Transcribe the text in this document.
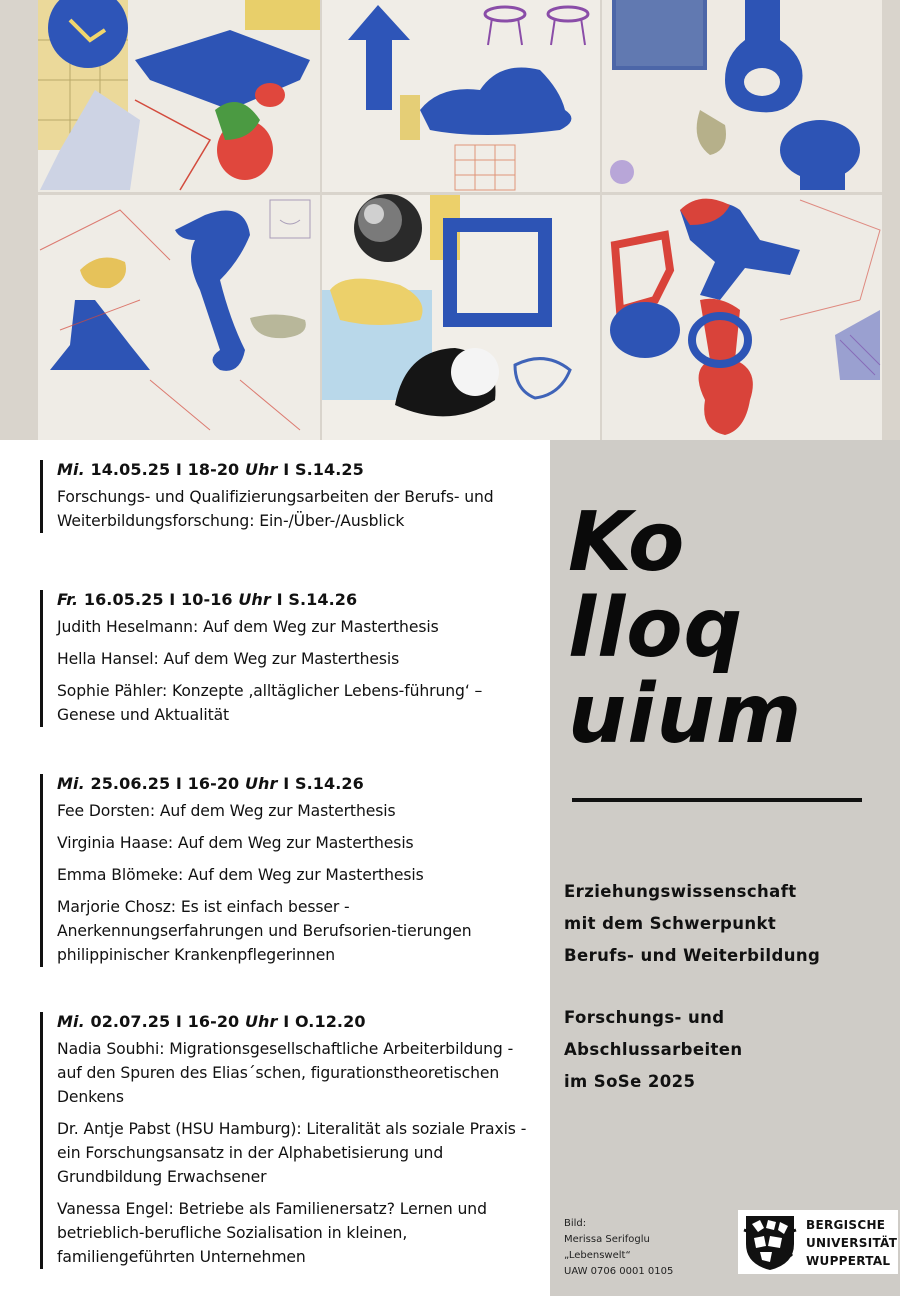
Mi. 14.05.25 I 18-20 Uhr I S.14.25

Forschungs- und Qualifizierungsarbeiten der Berufs- und Weiterbildungsforschung: Ein-/Über-/Ausblick

Fr. 16.05.25 I 10-16 Uhr I S.14.26

Judith Heselmann: Auf dem Weg zur Masterthesis

Hella Hansel: Auf dem Weg zur Masterthesis

Sophie Pähler: Konzepte ‚alltäglicher Lebens-führung‘ – Genese und Aktualität

Mi. 25.06.25 I 16-20 Uhr I S.14.26

Fee Dorsten: Auf dem Weg zur Masterthesis

Virginia Haase: Auf dem Weg zur Masterthesis

Emma Blömeke: Auf dem Weg zur Masterthesis

Marjorie Chosz: Es ist einfach besser - Anerkennungserfahrungen und Berufsorien-tierungen philippinischer Krankenpflegerinnen

Mi. 02.07.25 I 16-20 Uhr I O.12.20

Nadia Soubhi: Migrationsgesellschaftliche Arbeiterbildung - auf den Spuren des Elias´schen, figurationstheoretischen Denkens

Dr. Antje Pabst (HSU Hamburg): Literalität als soziale Praxis - ein Forschungsansatz in der Alphabetisierung und Grundbildung Erwachsener

Vanessa Engel: Betriebe als Familienersatz? Lernen und betrieblich-berufliche Sozialisation in kleinen, familiengeführten Unternehmen

Ko
lloq
uium

Erziehungswissenschaft
mit dem Schwerpunkt
Berufs- und Weiterbildung

Forschungs- und
Abschlussarbeiten
im SoSe 2025

Bild:
Merissa Serifoglu
„Lebenswelt“
UAW 0706 0001 0105
BERGISCHE
UNIVERSITÄT
WUPPERTAL
